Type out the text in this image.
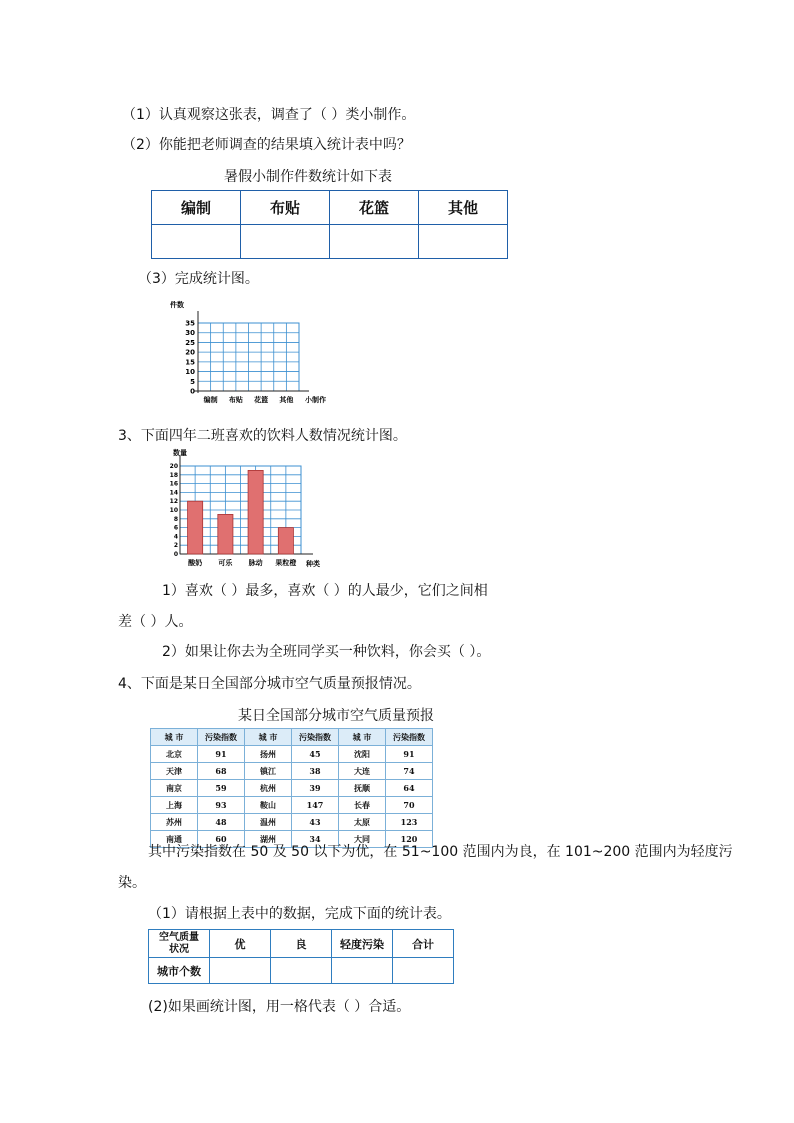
（1）认真观察这张表，调查了（ ）类小制作。
（2）你能把老师调查的结果填入统计表中吗？
暑假小制作件数统计如下表
编制	布贴	花篮	其他

（3）完成统计图。
件数
0
5
10
15
20
25
30
35
编制 布贴 花篮 其他 小制作
3、下面四年二班喜欢的饮料人数情况统计图。
数量
0
2
4
6
8
10
12
14
16
18
20
酸奶 可乐 脉动 果粒橙 种类
1）喜欢（ ）最多，喜欢（ ）的人最少，它们之间相
差（ ）人。
2）如果让你去为全班同学买一种饮料，你会买（ ）。
4、下面是某日全国部分城市空气质量预报情况。
某日全国部分城市空气质量预报
城 市	污染指数	城 市	污染指数	城 市	污染指数
北京	91	扬州	45	沈阳	91
天津	68	镇江	38	大连	74
南京	59	杭州	39	抚顺	64
上海	93	鞍山	147	长春	70
苏州	48	温州	43	太原	123
南通	60	湖州	34	大同	120
其中污染指数在 50 及 50 以下为优，在 51~100 范围内为良，在 101~200 范围内为轻度污
染。
（1）请根据上表中的数据，完成下面的统计表。
空气质量
状况	优	良	轻度污染	合计
城市个数				
(2)如果画统计图，用一格代表（ ）合适。
